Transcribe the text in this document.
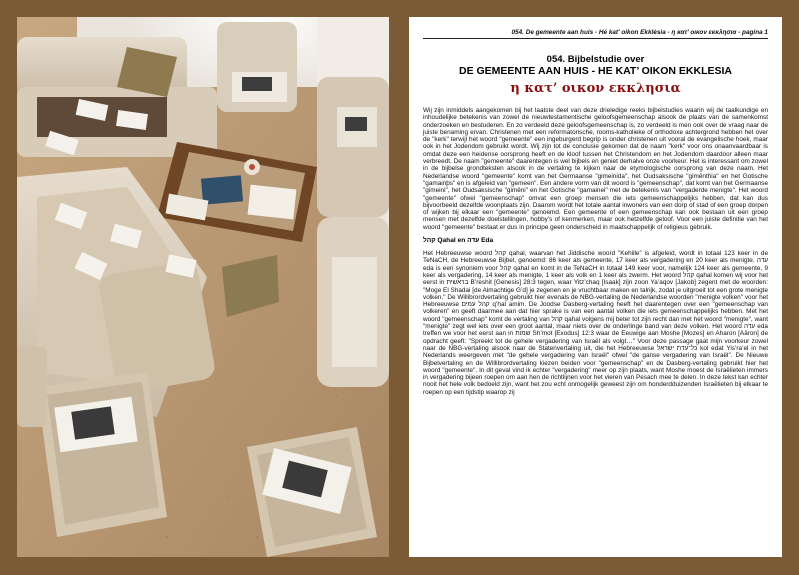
054. De gemeente aan huis - Hé kat' oikon Ekklèsia - η κατ’ οικον εκκλησια - pagina 1
054. Bijbelstudie over
DE GEMEENTE AAN HUIS - HE KAT’ OIKON EKKLESIA
η κατ’ οικον εκκλησια

Wij zijn inmiddels aangekomen bij het laatste deel van deze drieledige reeks bijbelstudies waarin wij de taalkundige en inhoudelijke betekenis van zowel de nieuwtestamentische geloofsgemeenschap alsook de plaats van de samenkomst onderzoeken en bestuderen. En zo verdeeld deze geloofsgemeenschap is, zo verdeeld is men ook over de vraag naar de juiste benaming ervan. Christenen met een reformatorische, rooms-katholieke of orthodoxe achtergrond hebben het over de "kerk" terwijl het woord "gemeente" een ingeburgerd begrip is onder christenen uit vooral de evangelische hoek, maar ook in het Jodendom gebruikt wordt. Wij zijn tot de conclusie gekomen dat de naam "kerk" voor ons onaanvaardbaar is omdat deze een heidense oorsprong heeft en de kloof tussen het Christendom en het Jodendom daardoor alleen maar verbreedt. De naam "gemeente" daarentegen is wel bijbels en geniet derhalve onze voorkeur. Het is interessant om zowel in de bijbelse grondteksten alsook in de vertaling te kijken naar de etymologische oorsprong van deze naam. Het Nederlandse woord "gemeente" komt van het Germaanse "gimeinida", het Oudsaksische "gimênthia" en het Gotische "gamainþs" en is afgeleid van "gemeen". Een andere vorm van dit woord is "gemeenschap", dat komt van het Germaanse "gimeini", het Oudsaksische "gimêni" en het Gotische "gamainei" met de betekenis van "vergaderde menigte". Het woord "gemeente" ofwel "gemeenschap" omvat een groep mensen die iets gemeenschappelijks hebben, dat kan dus bijvoorbeeld dezelfde woonplaats zijn. Daarom wordt het totale aantal inwoners van een dorp of stad of een groep dorpen of wijken bij elkaar een "gemeente" genoemd. Een gemeente of een gemeenschap kan ook bestaan uit een groep mensen met dezelfde doelstellingen, hobby’s of kenmerken, maar ook hetzelfde geloof. Voor een juiste definitie van het woord "gemeente" bestaat er dus in principe geen onderscheid in maatschappelijk of religieus gebruik.

קהל Qahal en עדה Eda

Het Hebreeuwse woord קהל qahal, waarvan het Jiddische woord "Kehille" is afgeleid, wordt in totaal 123 keer in de TeNaCH, de Hebreeuwse Bijbel, genoemd: 86 keer als gemeente, 17 keer als vergadering en 20 keer als menigte. עדה eda is een synoniem voor קהל qahal en komt in de TeNaCH in totaal 149 keer voor, namelijk 124 keer als gemeente, 9 keer als vergadering, 14 keer als menigte, 1 keer als volk en 1 keer als zwerm. Het woord קהל qahal komen wij voor het eerst in בראשית B’reshit [Genesis] 28:3 tegen, waar Yitz’chaq [Isaak] zijn zoon Ya’aqov [Jakob] zegent met de woorden: "Moge El Shadai [de Almachtige G’d] je zegenen en je vruchtbaar maken en talrijk, zodat je uitgroeit tot een grote menigte volken." De Willibrordvertaling gebruikt hier evenals de NBG-vertaling de Nederlandse woorden "menigte volken" voor het Hebreeuwse קהל עמים q’hal amim. De Joodse Dasberg-vertaling heeft het daarentegen over een "gemeenschap van volkeren" en geeft daarmee aan dat hier sprake is van een aantal volken die iets gemeenschappelijks hebben. Met het woord "gemeenschap" komt de vertaling van קהל qahal volgens mij beter tot zijn recht dan met het woord "menigte", want "menigte" zegt wel iets over een groot aantal, maar niets over de onderlinge band van deze volken. Het woord עדה eda treffen we voor het eerst aan in שמות Sh’mot [Exodus] 12:3 waar de Eeuwige aan Moshe [Mozes] en Aharon [Aäron] de opdracht geeft: "Spreekt tot de gehele vergadering van Israël als volgt…" Voor deze passage gaat mijn voorkeur zowel naar de NBG-vertaling alsook naar de Statenvertaling uit, die het Hebreeuwse כל־עדת ישראל kol edat Yis’ra’el in het Nederlands weergeven met "de gehele vergadering van Israël" ofwel "de ganse vergadering van Israël". De Nieuwe Bijbelvertaling en de Willibrordvertaling kiezen beiden voor "gemeenschap" en de Dasberg-vertaling gebruikt hier het woord "gemeente". In dit geval vind ik echter "vergadering" meer op zijn plaats, want Moshe moest de Israëlieten immers in vergadering bijeen roepen om aan hen de richtlijnen voor het vieren van Pesach mee te delen. In deze tekst kan echter nooit het hele volk bedoeld zijn, want het zou echt onmogelijk geweest zijn om honderdduizenden Israëlieten bij elkaar te roepen op een tijdstip waarop zij
